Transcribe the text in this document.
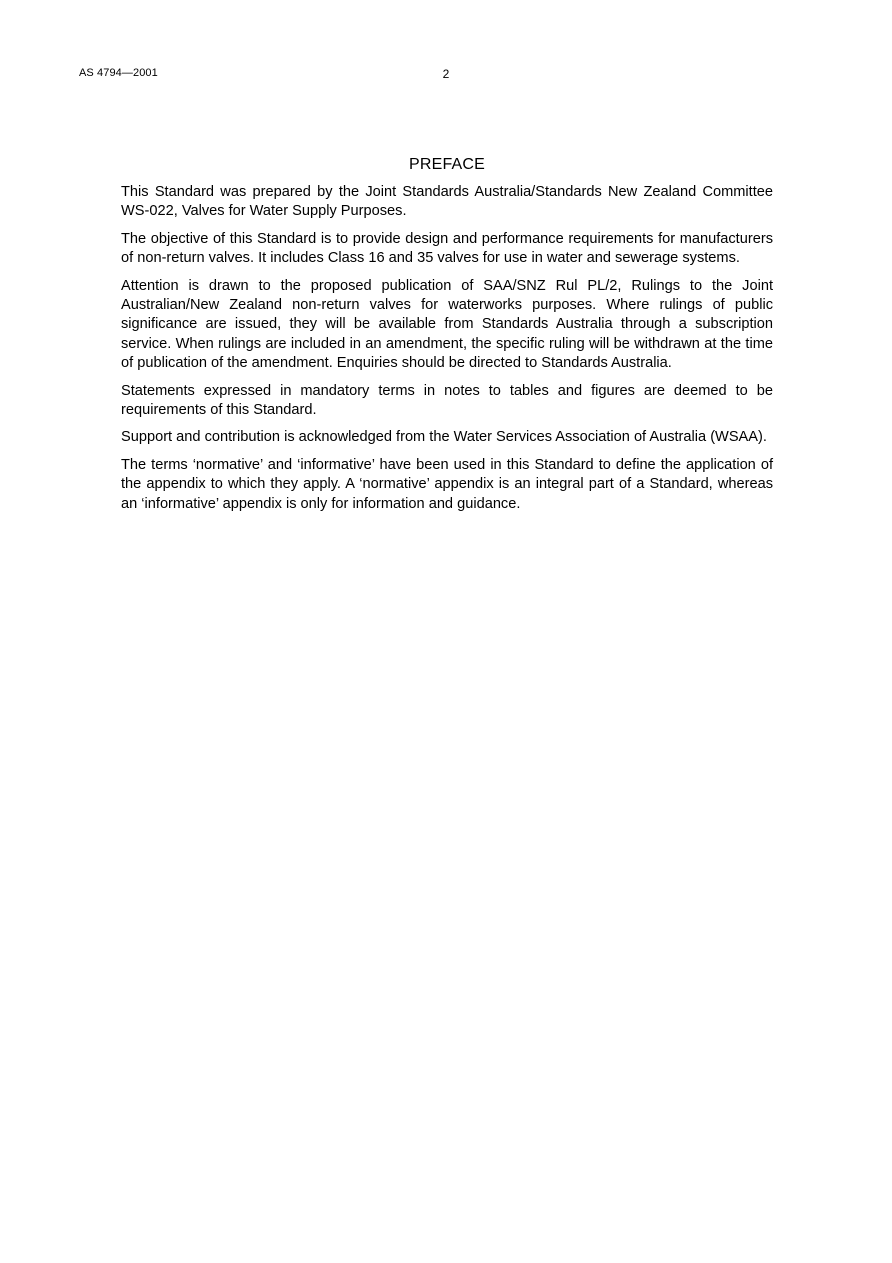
AS 4794—2001	2
PREFACE

This Standard was prepared by the Joint Standards Australia/Standards New Zealand Committee WS-022, Valves for Water Supply Purposes.

The objective of this Standard is to provide design and performance requirements for manufacturers of non-return valves. It includes Class 16 and 35 valves for use in water and sewerage systems.

Attention is drawn to the proposed publication of SAA/SNZ Rul PL/2, Rulings to the Joint Australian/New Zealand non-return valves for waterworks purposes. Where rulings of public significance are issued, they will be available from Standards Australia through a subscription service. When rulings are included in an amendment, the specific ruling will be withdrawn at the time of publication of the amendment. Enquiries should be directed to Standards Australia.

Statements expressed in mandatory terms in notes to tables and figures are deemed to be requirements of this Standard.

Support and contribution is acknowledged from the Water Services Association of Australia (WSAA).

The terms ‘normative’ and ‘informative’ have been used in this Standard to define the application of the appendix to which they apply. A ‘normative’ appendix is an integral part of a Standard, whereas an ‘informative’ appendix is only for information and guidance.
